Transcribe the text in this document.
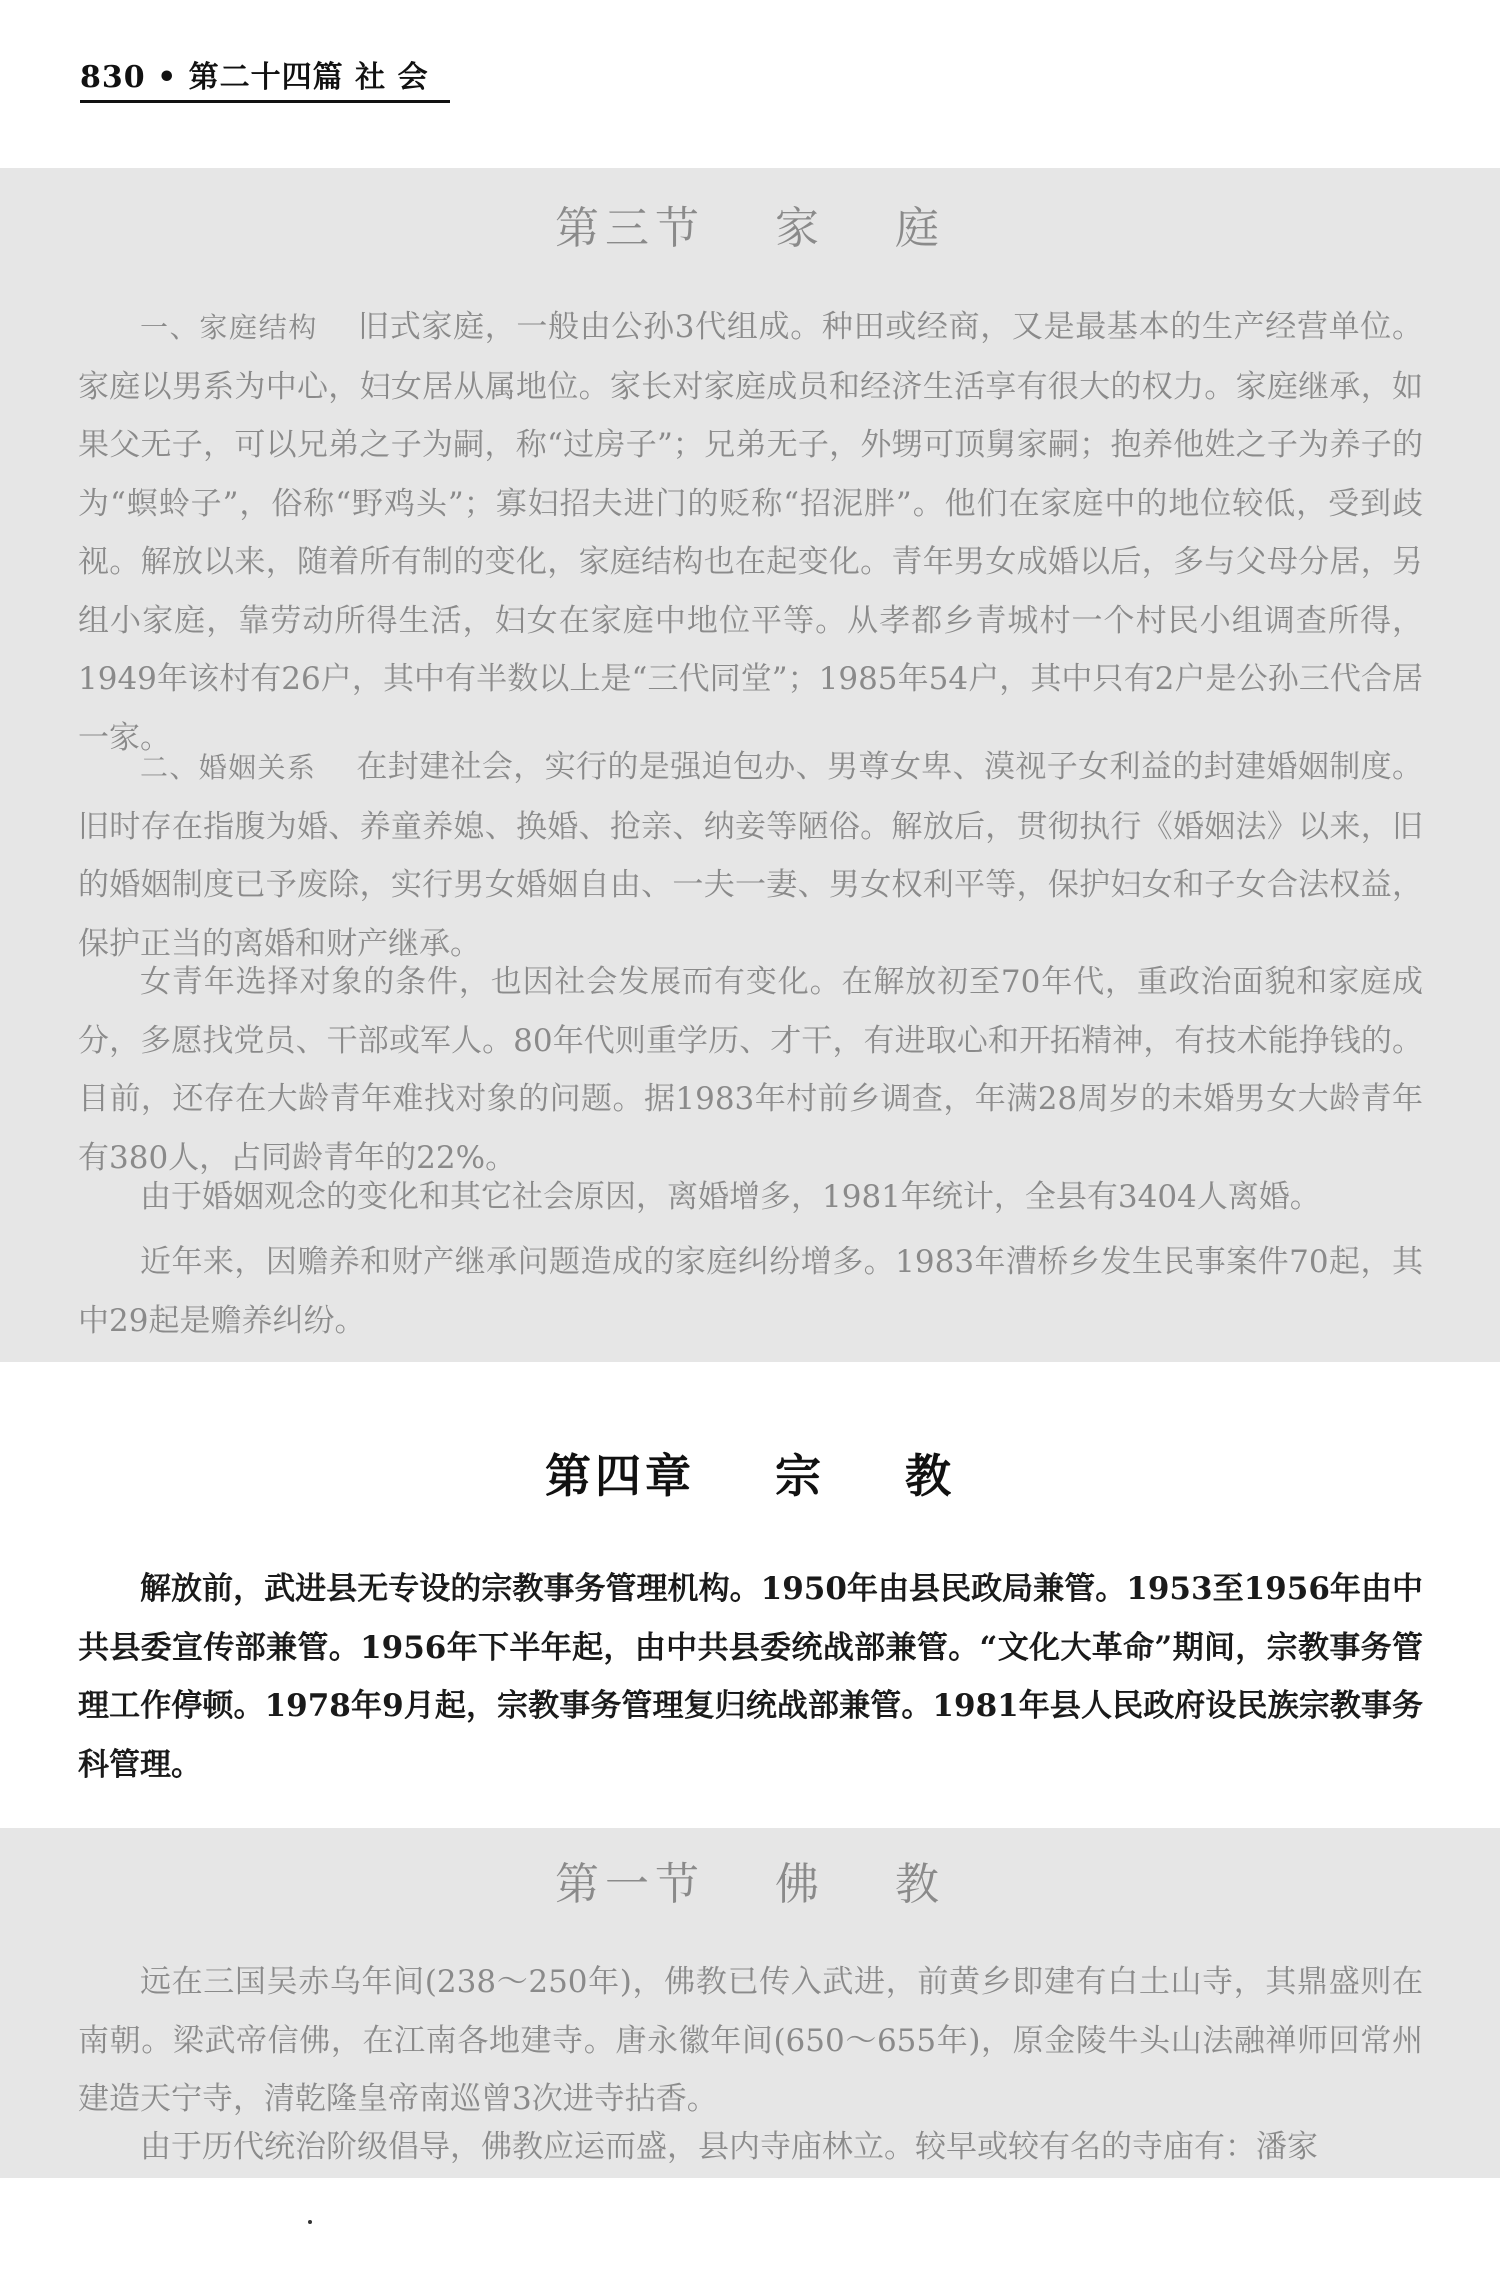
830 • 第二十四篇 社 会
第三节 家 庭

一、家庭结构 旧式家庭，一般由公孙3代组成。种田或经商，又是最基本的生产经营单位。家庭以男系为中心，妇女居从属地位。家长对家庭成员和经济生活享有很大的权力。家庭继承，如果父无子，可以兄弟之子为嗣，称“过房子”；兄弟无子，外甥可顶舅家嗣；抱养他姓之子为养子的为“螟蛉子”，俗称“野鸡头”；寡妇招夫进门的贬称“招泥胖”。他们在家庭中的地位较低，受到歧视。解放以来，随着所有制的变化，家庭结构也在起变化。青年男女成婚以后，多与父母分居，另组小家庭，靠劳动所得生活，妇女在家庭中地位平等。从孝都乡青城村一个村民小组调查所得，1949年该村有26户，其中有半数以上是“三代同堂”；1985年54户，其中只有2户是公孙三代合居一家。

二、婚姻关系 在封建社会，实行的是强迫包办、男尊女卑、漠视子女利益的封建婚姻制度。旧时存在指腹为婚、养童养媳、换婚、抢亲、纳妾等陋俗。解放后，贯彻执行《婚姻法》以来，旧的婚姻制度已予废除，实行男女婚姻自由、一夫一妻、男女权利平等，保护妇女和子女合法权益，保护正当的离婚和财产继承。

女青年选择对象的条件，也因社会发展而有变化。在解放初至70年代，重政治面貌和家庭成分，多愿找党员、干部或军人。80年代则重学历、才干，有进取心和开拓精神，有技术能挣钱的。目前，还存在大龄青年难找对象的问题。据1983年村前乡调查，年满28周岁的未婚男女大龄青年有380人，占同龄青年的22%。

由于婚姻观念的变化和其它社会原因，离婚增多，1981年统计，全县有3404人离婚。

近年来，因赡养和财产继承问题造成的家庭纠纷增多。1983年漕桥乡发生民事案件70起，其中29起是赡养纠纷。

第四章 宗 教

解放前，武进县无专设的宗教事务管理机构。1950年由县民政局兼管。1953至1956年由中共县委宣传部兼管。1956年下半年起，由中共县委统战部兼管。“文化大革命”期间，宗教事务管理工作停顿。1978年9月起，宗教事务管理复归统战部兼管。1981年县人民政府设民族宗教事务科管理。

第一节 佛 教

远在三国吴赤乌年间(238～250年)，佛教已传入武进，前黄乡即建有白土山寺，其鼎盛则在南朝。梁武帝信佛，在江南各地建寺。唐永徽年间(650～655年)，原金陵牛头山法融禅师回常州建造天宁寺，清乾隆皇帝南巡曾3次进寺拈香。

由于历代统治阶级倡导，佛教应运而盛，县内寺庙林立。较早或较有名的寺庙有：潘家
